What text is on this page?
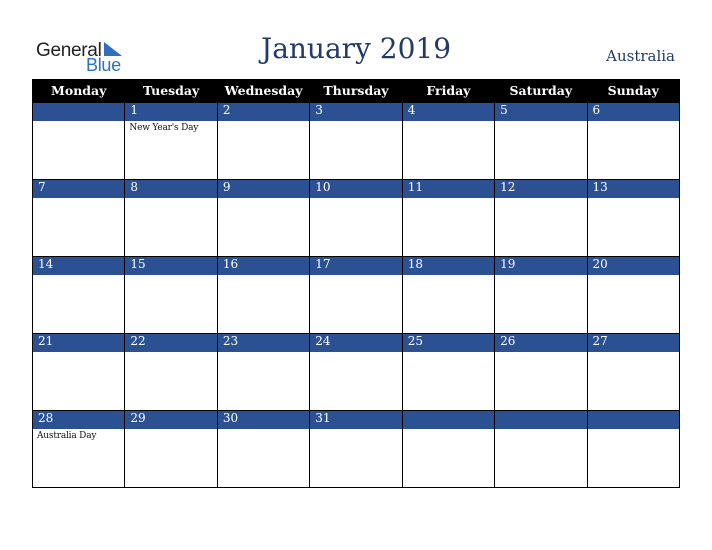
General
Blue	January 2019	Australia
Monday	Tuesday	Wednesday	Thursday	Friday	Saturday	Sunday
	1	2	3	4	5	6

	New Year's Day					

7	8	9	10	11	12	13

14	15	16	17	18	19	20

21	22	23	24	25	26	27

28	29	30	31			

Australia Day						
